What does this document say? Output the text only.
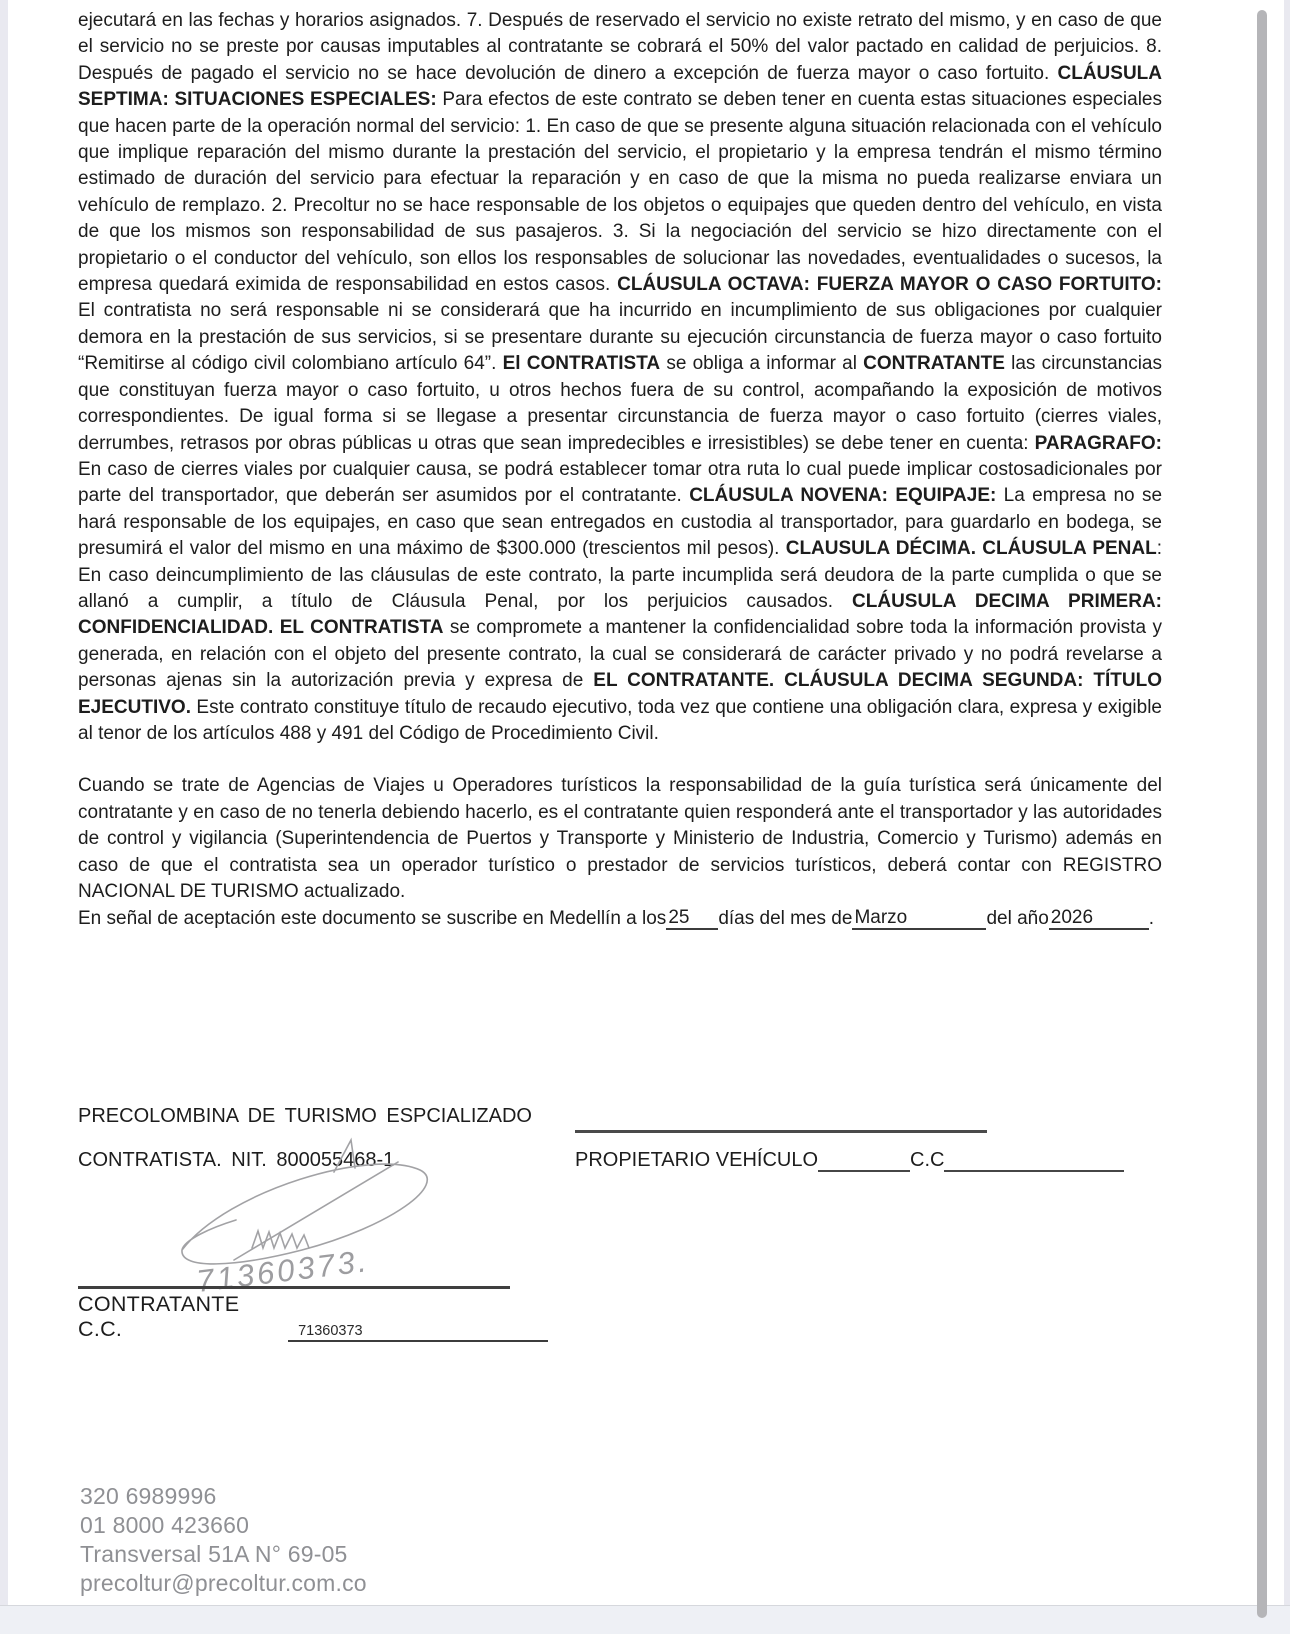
ejecutará en las fechas y horarios asignados. 7. Después de reservado el servicio no existe retrato del mismo, y en caso de que el servicio no se preste por causas imputables al contratante se cobrará el 50% del valor pactado en calidad de perjuicios. 8. Después de pagado el servicio no se hace devolución de dinero a excepción de fuerza mayor o caso fortuito. CLÁUSULA SEPTIMA: SITUACIONES ESPECIALES: Para efectos de este contrato se deben tener en cuenta estas situaciones especiales que hacen parte de la operación normal del servicio: 1. En caso de que se presente alguna situación relacionada con el vehículo que implique reparación del mismo durante la prestación del servicio, el propietario y la empresa tendrán el mismo término estimado de duración del servicio para efectuar la reparación y en caso de que la misma no pueda realizarse enviara un vehículo de remplazo. 2. Precoltur no se hace responsable de los objetos o equipajes que queden dentro del vehículo, en vista de que los mismos son responsabilidad de sus pasajeros. 3. Si la negociación del servicio se hizo directamente con el propietario o el conductor del vehículo, son ellos los responsables de solucionar las novedades, eventualidades o sucesos, la empresa quedará eximida de responsabilidad en estos casos. CLÁUSULA OCTAVA: FUERZA MAYOR O CASO FORTUITO: El contratista no será responsable ni se considerará que ha incurrido en incumplimiento de sus obligaciones por cualquier demora en la prestación de sus servicios, si se presentare durante su ejecución circunstancia de fuerza mayor o caso fortuito “Remitirse al código civil colombiano artículo 64”. El CONTRATISTA se obliga a informar al CONTRATANTE las circunstancias que constituyan fuerza mayor o caso fortuito, u otros hechos fuera de su control, acompañando la exposición de motivos correspondientes. De igual forma si se llegase a presentar circunstancia de fuerza mayor o caso fortuito (cierres viales, derrumbes, retrasos por obras públicas u otras que sean impredecibles e irresistibles) se debe tener en cuenta: PARAGRAFO: En caso de cierres viales por cualquier causa, se podrá establecer tomar otra ruta lo cual puede implicar costosadicionales por parte del transportador, que deberán ser asumidos por el contratante. CLÁUSULA NOVENA: EQUIPAJE: La empresa no se hará responsable de los equipajes, en caso que sean entregados en custodia al transportador, para guardarlo en bodega, se presumirá el valor del mismo en una máximo de $300.000 (trescientos mil pesos). CLAUSULA DÉCIMA. CLÁUSULA PENAL: En caso deincumplimiento de las cláusulas de este contrato, la parte incumplida será deudora de la parte cumplida o que se allanó a cumplir, a título de Cláusula Penal, por los perjuicios causados. CLÁUSULA DECIMA PRIMERA: CONFIDENCIALIDAD. EL CONTRATISTA se compromete a mantener la confidencialidad sobre toda la información provista y generada, en relación con el objeto del presente contrato, la cual se considerará de carácter privado y no podrá revelarse a personas ajenas sin la autorización previa y expresa de EL CONTRATANTE. CLÁUSULA DECIMA SEGUNDA: TÍTULO EJECUTIVO. Este contrato constituye título de recaudo ejecutivo, toda vez que contiene una obligación clara, expresa y exigible al tenor de los artículos 488 y 491 del Código de Procedimiento Civil.

Cuando se trate de Agencias de Viajes u Operadores turísticos la responsabilidad de la guía turística será únicamente del contratante y en caso de no tenerla debiendo hacerlo, es el contratante quien responderá ante el transportador y las autoridades de control y vigilancia (Superintendencia de Puertos y Transporte y Ministerio de Industria, Comercio y Turismo) además en caso de que el contratista sea un operador turístico o prestador de servicios turísticos, deberá contar con REGISTRO NACIONAL DE TURISMO actualizado.

En señal de aceptación este documento se suscribe en Medellín a los 25 días del mes de Marzo	del año 2026	.
PRECOLOMBINA DE TURISMO ESPCIALIZADO
CONTRATISTA. NIT. 800055468-1	PROPIETARIO VEHÍCULO	C.C
71360373.
CONTRATANTE C.C.	71360373
320 6989996
01 8000 423660
Transversal 51A N° 69-05
precoltur@precoltur.com.co
